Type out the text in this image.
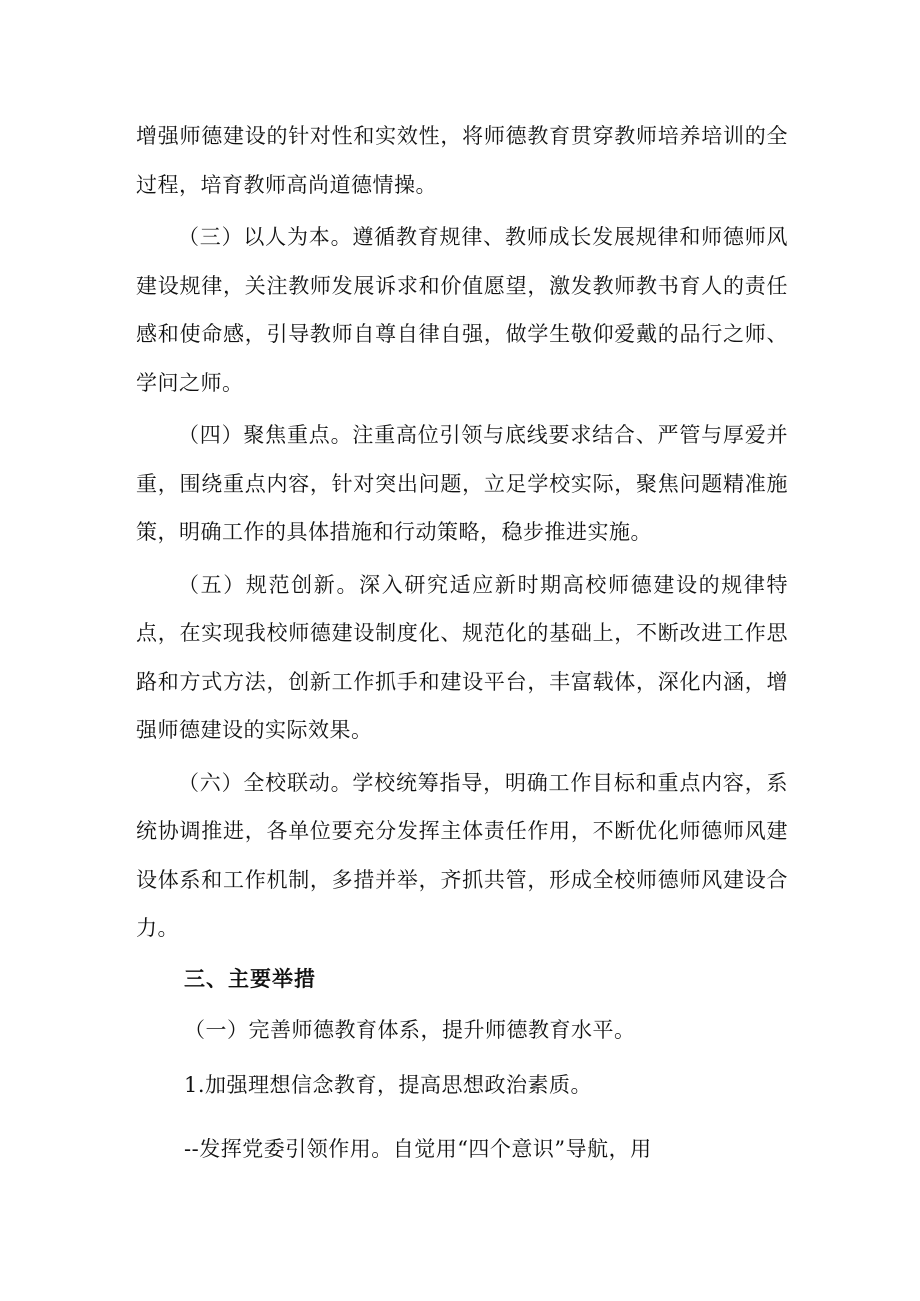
增强师德建设的针对性和实效性，将师德教育贯穿教师培养培训的全过程，培育教师高尚道德情操。

（三）以人为本。遵循教育规律、教师成长发展规律和师德师风建设规律，关注教师发展诉求和价值愿望，激发教师教书育人的责任感和使命感，引导教师自尊自律自强，做学生敬仰爱戴的品行之师、学问之师。

（四）聚焦重点。注重高位引领与底线要求结合、严管与厚爱并重，围绕重点内容，针对突出问题，立足学校实际，聚焦问题精准施策，明确工作的具体措施和行动策略，稳步推进实施。

（五）规范创新。深入研究适应新时期高校师德建设的规律特点，在实现我校师德建设制度化、规范化的基础上，不断改进工作思路和方式方法，创新工作抓手和建设平台，丰富载体，深化内涵，增强师德建设的实际效果。

（六）全校联动。学校统筹指导，明确工作目标和重点内容，系统协调推进，各单位要充分发挥主体责任作用，不断优化师德师风建设体系和工作机制，多措并举，齐抓共管，形成全校师德师风建设合力。

三、主要举措

（一）完善师德教育体系，提升师德教育水平。

1.加强理想信念教育，提高思想政治素质。

--发挥党委引领作用。自觉用“四个意识”导航，用
